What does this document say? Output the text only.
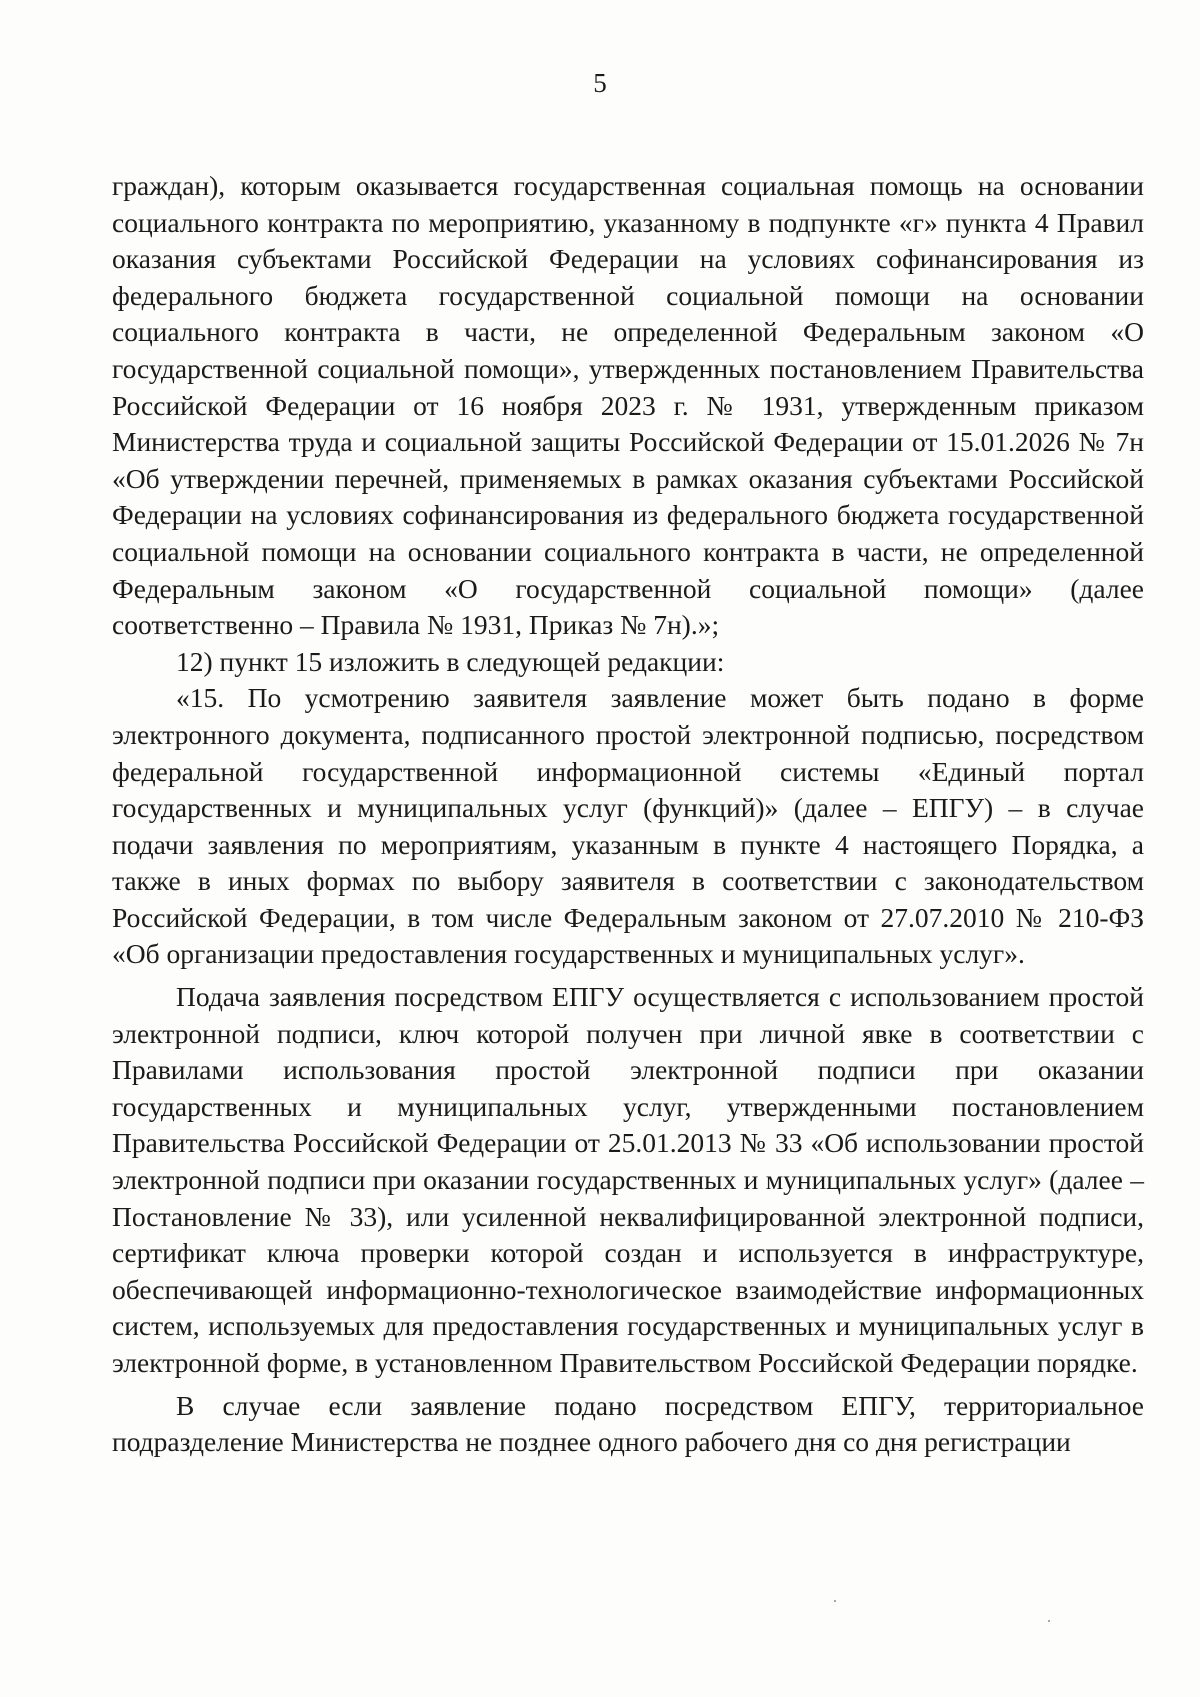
5

граждан), которым оказывается государственная социальная помощь на основании социального контракта по мероприятию, указанному в подпункте «г» пункта 4 Правил оказания субъектами Российской Федерации на условиях софинансирования из федерального бюджета государственной социальной помощи на основании социального контракта в части, не определенной Федеральным законом «О государственной социальной помощи», утвержденных постановлением Правительства Российской Федерации от 16 ноября 2023 г. № 1931, утвержденным приказом Министерства труда и социальной защиты Российской Федерации от 15.01.2026 № 7н «Об утверждении перечней, применяемых в рамках оказания субъектами Российской Федерации на условиях софинансирования из федерального бюджета государственной социальной помощи на основании социального контракта в части, не определенной Федеральным законом «О государственной социальной помощи» (далее соответственно – Правила № 1931, Приказ № 7н).»;

12) пункт 15 изложить в следующей редакции:

«15. По усмотрению заявителя заявление может быть подано в форме электронного документа, подписанного простой электронной подписью, посредством федеральной государственной информационной системы «Единый портал государственных и муниципальных услуг (функций)» (далее – ЕПГУ) – в случае подачи заявления по мероприятиям, указанным в пункте 4 настоящего Порядка, а также в иных формах по выбору заявителя в соответствии с законодательством Российской Федерации, в том числе Федеральным законом от 27.07.2010 № 210-ФЗ «Об организации предоставления государственных и муниципальных услуг».

Подача заявления посредством ЕПГУ осуществляется с использованием простой электронной подписи, ключ которой получен при личной явке в соответствии с Правилами использования простой электронной подписи при оказании государственных и муниципальных услуг, утвержденными постановлением Правительства Российской Федерации от 25.01.2013 № 33 «Об использовании простой электронной подписи при оказании государственных и муниципальных услуг» (далее – Постановление № 33), или усиленной неквалифицированной электронной подписи, сертификат ключа проверки которой создан и используется в инфраструктуре, обеспечивающей информационно-технологическое взаимодействие информационных систем, используемых для предоставления государственных и муниципальных услуг в электронной форме, в установленном Правительством Российской Федерации порядке.

В случае если заявление подано посредством ЕПГУ, территориальное подразделение Министерства не позднее одного рабочего дня со дня регистрации
